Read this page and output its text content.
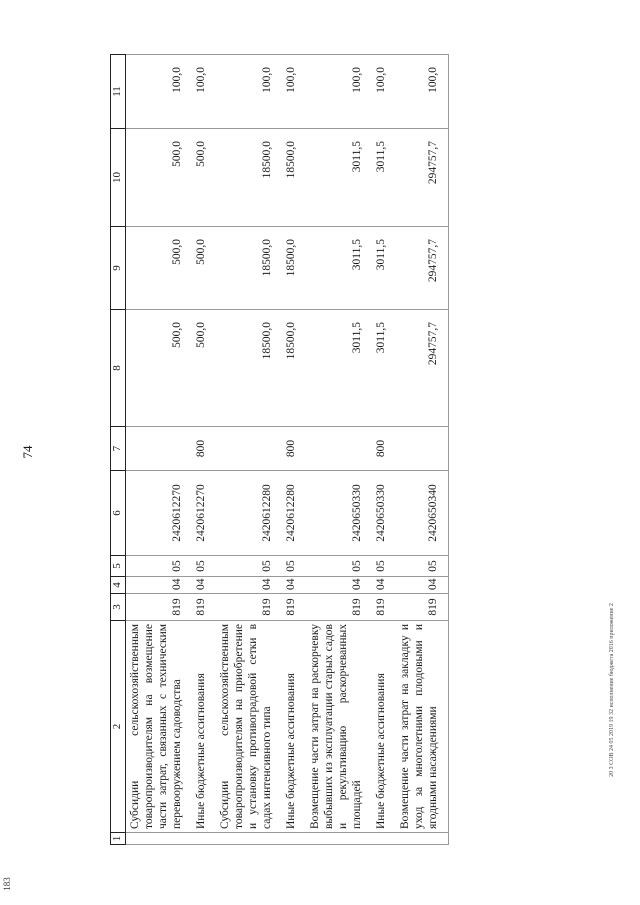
74
183
20 3 СОВ 24 05 2019 19 32 исполнение бюджета 2016 приложение 2
1	2	3	4	5	6	7	8	9	10	11
	Субсидии сельскохозяйственным товаропроизводителям на возмещение части затрат, связанных с техническим перевооружением садоводства	819	04	05	2420612270		500,0	500,0	500,0	100,0
	Иные бюджетные ассигнования	819	04	05	2420612270	800	500,0	500,0	500,0	100,0
	Субсидии сельскохозяйственным товаропроизводителям на приобретение и установку противоградовой сетки в садах интенсивного типа	819	04	05	2420612280		18500,0	18500,0	18500,0	100,0
	Иные бюджетные ассигнования	819	04	05	2420612280	800	18500,0	18500,0	18500,0	100,0
	Возмещение части затрат на раскорчевку выбывших из эксплуатации старых садов и рекультивацию раскорчеванных площадей	819	04	05	2420650330		3011,5	3011,5	3011,5	100,0
	Иные бюджетные ассигнования	819	04	05	2420650330	800	3011,5	3011,5	3011,5	100,0
	Возмещение части затрат на закладку и уход за многолетними плодовыми и ягодными насаждениями	819	04	05	2420650340		294757,7	294757,7	294757,7	100,0
